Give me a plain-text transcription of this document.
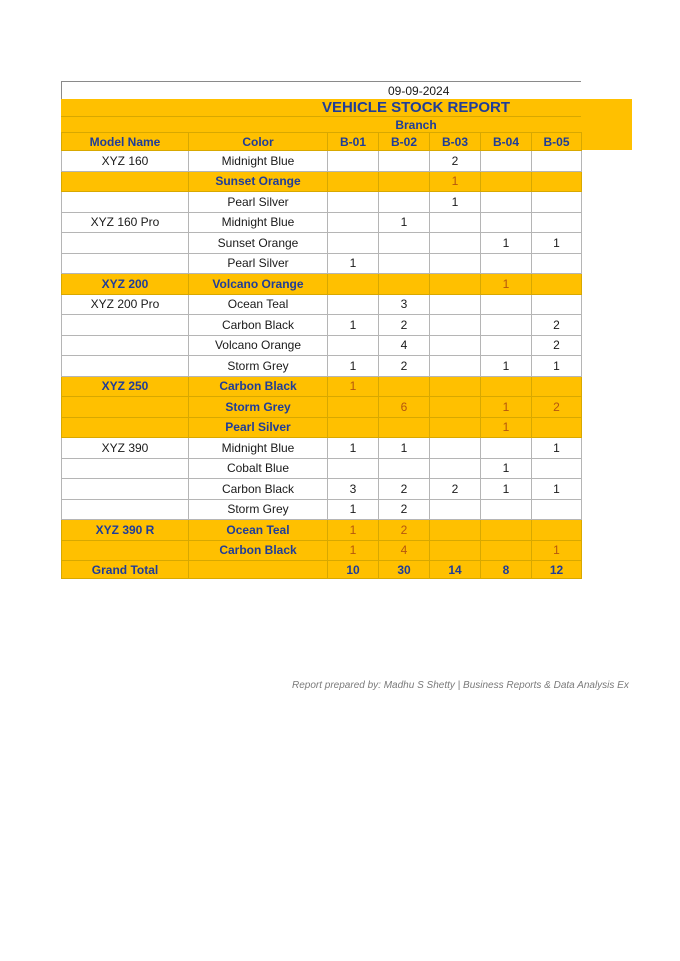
09-09-2024
VEHICLE STOCK REPORT
Branch
Model Name	Color	B-01	B-02	B-03	B-04	B-05
XYZ 160	Midnight Blue			2		
	Sunset Orange			1		
	Pearl Silver			1		
XYZ 160 Pro	Midnight Blue		1			
	Sunset Orange				1	1
	Pearl Silver	1				
XYZ 200	Volcano Orange				1	
XYZ 200 Pro	Ocean Teal		3			
	Carbon Black	1	2			2
	Volcano Orange		4			2
	Storm Grey	1	2		1	1
XYZ 250	Carbon Black	1				
	Storm Grey		6		1	2
	Pearl Silver				1	
XYZ 390	Midnight Blue	1	1			1
	Cobalt Blue				1	
	Carbon Black	3	2	2	1	1
	Storm Grey	1	2			
XYZ 390 R	Ocean Teal	1	2			
	Carbon Black	1	4			1
Grand Total		10	30	14	8	12
Report prepared by: Madhu S Shetty | Business Reports & Data Analysis Ex
